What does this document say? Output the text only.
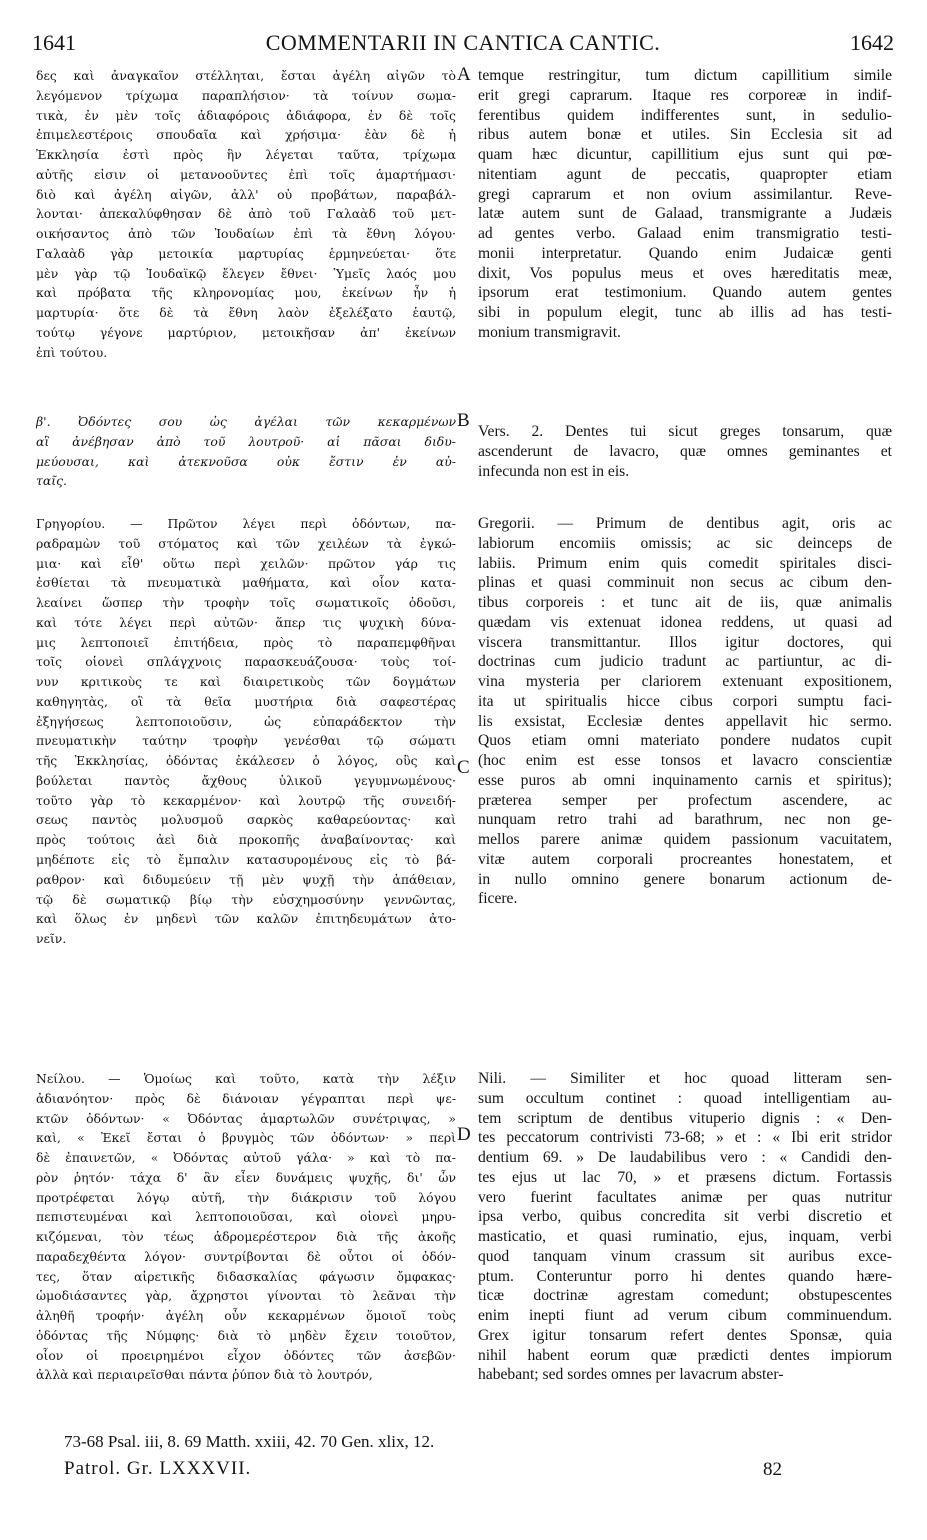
1641	COMMENTARII IN CANTICA CANTIC.	1642
A
B
C
D
δες καὶ ἀναγκαῖον στέλληται, ἔσται ἀγέλη αἰγῶν τὸ
λεγόμενον τρίχωμα παραπλήσιον· τὰ τοίνυν σωμα-
τικὰ, ἐν μὲν τοῖς ἀδιαφόροις ἀδιάφορα, ἐν δὲ τοῖς
ἐπιμελεστέροις σπουδαῖα καὶ χρήσιμα· ἐὰν δὲ ἡ
Ἐκκλησία ἐστὶ πρὸς ἣν λέγεται ταῦτα, τρίχωμα
αὐτῆς εἰσιν οἱ μετανοοῦντες ἐπὶ τοῖς ἁμαρτήμασι·
διὸ καὶ ἀγέλη αἰγῶν, ἀλλ' οὐ προβάτων, παραβάλ-
λονται· ἀπεκαλύφθησαν δὲ ἀπὸ τοῦ Γαλαὰδ τοῦ μετ-
οικήσαντος ἀπὸ τῶν Ἰουδαίων ἐπὶ τὰ ἔθνη λόγου·
Γαλαὰδ γὰρ μετοικία μαρτυρίας ἑρμηνεύεται· ὅτε
μὲν γὰρ τῷ Ἰουδαϊκῷ ἔλεγεν ἔθνει· Ὑμεῖς λαός μου
καὶ πρόβατα τῆς κληρονομίας μου, ἐκείνων ἦν ἡ
μαρτυρία· ὅτε δὲ τὰ ἔθνη λαὸν ἐξελέξατο ἑαυτῷ,
τούτῳ γέγονε μαρτύριον, μετοικῆσαν ἀπ' ἐκείνων
ἐπὶ τούτου.
β'. Ὀδόντες σου ὡς ἀγέλαι τῶν κεκαρμένων
αἳ ἀνέβησαν ἀπὸ τοῦ λουτροῦ· αἱ πᾶσαι διδυ-
μεύουσαι, καὶ ἀτεκνοῦσα οὐκ ἔστιν ἐν αὐ-
ταῖς.
Γρηγορίου. — Πρῶτον λέγει περὶ ὀδόντων, πα-
ραδραμὼν τοῦ στόματος καὶ τῶν χειλέων τὰ ἐγκώ-
μια· καὶ εἶθ' οὕτω περὶ χειλῶν· πρῶτον γάρ τις
ἐσθίεται τὰ πνευματικὰ μαθήματα, καὶ οἷον κατα-
λεαίνει ὥσπερ τὴν τροφὴν τοῖς σωματικοῖς ὀδοῦσι,
καὶ τότε λέγει περὶ αὐτῶν· ἅπερ τις ψυχικὴ δύνα-
μις λεπτοποιεῖ ἐπιτήδεια, πρὸς τὸ παραπεμφθῆναι
τοῖς οἱονεὶ σπλάγχνοις παρασκευάζουσα· τοὺς τοί-
νυν κριτικοὺς τε καὶ διαιρετικοὺς τῶν δογμάτων
καθηγητὰς, οἳ τὰ θεῖα μυστήρια διὰ σαφεστέρας
ἐξηγήσεως λεπτοποιοῦσιν, ὡς εὐπαράδεκτον τὴν
πνευματικὴν ταύτην τροφὴν γενέσθαι τῷ σώματι
τῆς Ἐκκλησίας, ὀδόντας ἐκάλεσεν ὁ λόγος, οὓς καὶ
βούλεται παντὸς ἄχθους ὑλικοῦ γεγυμνωμένους·
τοῦτο γὰρ τὸ κεκαρμένον· καὶ λουτρῷ τῆς συνειδή-
σεως παντὸς μολυσμοῦ σαρκὸς καθαρεύοντας· καὶ
πρὸς τούτοις ἀεὶ διὰ προκοπῆς ἀναβαίνοντας· καὶ
μηδέποτε εἰς τὸ ἔμπαλιν κατασυρομένους εἰς τὸ βά-
ραθρον· καὶ διδυμεύειν τῇ μὲν ψυχῇ τὴν ἀπάθειαν,
τῷ δὲ σωματικῷ βίῳ τὴν εὐσχημοσύνην γεννῶντας,
καὶ ὅλως ἐν μηδενὶ τῶν καλῶν ἐπιτηδευμάτων ἀτο-
νεῖν.
Νείλου. — Ὁμοίως καὶ τοῦτο, κατὰ τὴν λέξιν
ἀδιανόητον· πρὸς δὲ διάνοιαν γέγραπται περὶ ψε-
κτῶν ὀδόντων· « Ὀδόντας ἁμαρτωλῶν συνέτριψας, »
καὶ, « Ἐκεῖ ἔσται ὁ βρυγμὸς τῶν ὀδόντων· » περὶ
δὲ ἐπαινετῶν, « Ὀδόντας αὐτοῦ γάλα· » καὶ τὸ πα-
ρὸν ῥητόν· τάχα δ' ἂν εἶεν δυνάμεις ψυχῆς, δι' ὧν
προτρέφεται λόγῳ αὐτῆ, τὴν διάκρισιν τοῦ λόγου
πεπιστευμέναι καὶ λεπτοποιοῦσαι, καὶ οἱονεὶ μηρυ-
κιζόμεναι, τὸν τέως ἁδρομερέστερον διὰ τῆς ἀκοῆς
παραδεχθέντα λόγον· συντρίβονται δὲ οὗτοι οἱ ὀδόν-
τες, ὅταν αἱρετικῆς διδασκαλίας φάγωσιν ὄμφακας·
ὡμοδιάσαντες γὰρ, ἄχρηστοι γίνονται τὸ λεᾶναι τὴν
ἀληθῆ τροφήν· ἀγέλη οὖν κεκαρμένων ὅμοιοῖ τοὺς
ὀδόντας τῆς Νύμφης· διὰ τὸ μηδὲν ἔχειν τοιοῦτον,
οἷον οἱ προειρημένοι εἶχον ὀδόντες τῶν ἀσεβῶν·
ἀλλὰ καὶ περιαιρεῖσθαι πάντα ῥύπον διὰ τὸ λουτρόν,
temque restringitur, tum dictum capillitium simile
erit gregi caprarum. Itaque res corporeæ in indif-
ferentibus quidem indifferentes sunt, in sedulio-
ribus autem bonæ et utiles. Sin Ecclesia sit ad
quam hæc dicuntur, capillitium ejus sunt qui pœ-
nitentiam agunt de peccatis, quapropter etiam
gregi caprarum et non ovium assimilantur. Reve-
latæ autem sunt de Galaad, transmigrante a Judæis
ad gentes verbo. Galaad enim transmigratio testi-
monii interpretatur. Quando enim Judaicæ genti
dixit, Vos populus meus et oves hæreditatis meæ,
ipsorum erat testimonium. Quando autem gentes
sibi in populum elegit, tunc ab illis ad has testi-
monium transmigravit.
Vers. 2. Dentes tui sicut greges tonsarum, quæ
ascenderunt de lavacro, quæ omnes geminantes et
infecunda non est in eis.
Gregorii. — Primum de dentibus agit, oris ac
labiorum encomiis omissis; ac sic deinceps de
labiis. Primum enim quis comedit spiritales disci-
plinas et quasi comminuit non secus ac cibum den-
tibus corporeis : et tunc ait de iis, quæ animalis
quædam vis extenuat idonea reddens, ut quasi ad
viscera transmittantur. Illos igitur doctores, qui
doctrinas cum judicio tradunt ac partiuntur, ac di-
vina mysteria per clariorem extenuant expositionem,
ita ut spiritualis hicce cibus corpori sumptu faci-
lis exsistat, Ecclesiæ dentes appellavit hic sermo.
Quos etiam omni materiato pondere nudatos cupit
(hoc enim est esse tonsos et lavacro conscientiæ
esse puros ab omni inquinamento carnis et spiritus);
præterea semper per profectum ascendere, ac
nunquam retro trahi ad barathrum, nec non ge-
mellos parere animæ quidem passionum vacuitatem,
vitæ autem corporali procreantes honestatem, et
in nullo omnino genere bonarum actionum de-
ficere.
Nili. — Similiter et hoc quoad litteram sen-
sum occultum continet : quoad intelligentiam au-
tem scriptum de dentibus vituperio dignis : « Den-
tes peccatorum contrivisti 73-68; » et : « Ibi erit stridor
dentium 69. » De laudabilibus vero : « Candidi den-
tes ejus ut lac 70, » et præsens dictum. Fortassis
vero fuerint facultates animæ per quas nutritur
ipsa verbo, quibus concredita sit verbi discretio et
masticatio, et quasi ruminatio, ejus, inquam, verbi
quod tanquam vinum crassum sit auribus exce-
ptum. Conteruntur porro hi dentes quando hære-
ticæ doctrinæ agrestam comedunt; obstupescentes
enim inepti fiunt ad verum cibum comminuendum.
Grex igitur tonsarum refert dentes Sponsæ, quia
nihil habent eorum quæ prædicti dentes impiorum
habebant; sed sordes omnes per lavacrum abster-
73-68 Psal. iii, 8. 69 Matth. xxiii, 42. 70 Gen. xlix, 12.
Patrol. Gr. LXXXVII.	82
